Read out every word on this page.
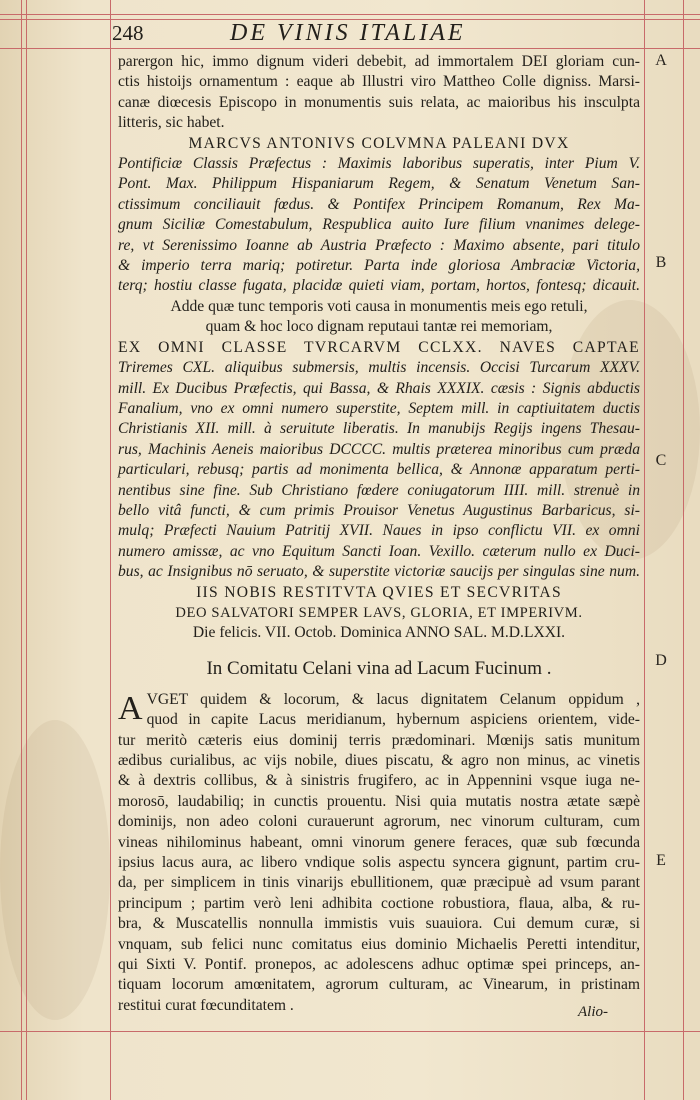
248	DE VINIS ITALIAE
A
B
C
D
E

parergon hic, immo dignum videri debebit, ad immortalem DEI gloriam cun-

ctis histoijs ornamentum : eaque ab Illustri viro Mattheo Colle digniss. Marsi-

canæ diœcesis Episcopo in monumentis suis relata, ac maioribus his insculpta

litteris, sic habet.

MARCVS ANTONIVS COLVMNA PALEANI DVX

Pontificiæ Classis Præfectus : Maximis laboribus superatis, inter Pium V.

Pont. Max. Philippum Hispaniarum Regem, & Senatum Venetum San-

ctissimum conciliauit fœdus. & Pontifex Principem Romanum, Rex Ma-

gnum Siciliæ Comestabulum, Respublica auito Iure filium vnanimes delege-

re, vt Serenissimo Ioanne ab Austria Præfecto : Maximo absente, pari titulo

& imperio terra mariq; potiretur. Parta inde gloriosa Ambraciæ Victoria,

terq; hostiu classe fugata, placidæ quieti viam, portam, hortos, fontesq; dicauit.

Adde quæ tunc temporis voti causa in monumentis meis ego retuli,

quam & hoc loco dignam reputaui tantæ rei memoriam,

EX OMNI CLASSE TVRCARVM CCLXX. NAVES CAPTAE

Triremes CXL. aliquibus submersis, multis incensis. Occisi Turcarum XXXV.

mill. Ex Ducibus Præfectis, qui Bassa, & Rhais XXXIX. cæsis : Signis abductis

Fanalium, vno ex omni numero superstite, Septem mill. in captiuitatem ductis

Christianis XII. mill. à seruitute liberatis. In manubijs Regijs ingens Thesau-

rus, Machinis Aeneis maioribus DCCCC. multis præterea minoribus cum præda

particulari, rebusq; partis ad monimenta bellica, & Annonæ apparatum perti-

nentibus sine fine. Sub Christiano fœdere coniugatorum IIII. mill. strenuè in

bello vitâ functi, & cum primis Prouisor Venetus Augustinus Barbaricus, si-

mulq; Præfecti Nauium Patritij XVII. Naues in ipso conflictu VII. ex omni

numero amissæ, ac vno Equitum Sancti Ioan. Vexillo. cæterum nullo ex Duci-

bus, ac Insignibus nō seruato, & superstite victoriæ saucijs per singulas sine num.

IIS NOBIS RESTITVTA QVIES ET SECVRITAS

DEO SALVATORI SEMPER LAVS, GLORIA, ET IMPERIVM.

Die felicis. VII. Octob. Dominica ANNO SAL. M.D.LXXI.

In Comitatu Celani vina ad Lacum Fucinum .
A VGET quidem & locorum, & lacus dignitatem Celanum oppidum ,

quod in capite Lacus meridianum, hybernum aspiciens orientem, vide-

tur meritò cæteris eius dominij terris prædominari. Mœnijs satis munitum

ædibus curialibus, ac vijs nobile, diues piscatu, & agro non minus, ac vinetis

& à dextris collibus, & à sinistris frugifero, ac in Appennini vsque iuga ne-

morosō, laudabiliq; in cunctis prouentu. Nisi quia mutatis nostra ætate sæpè

dominijs, non adeo coloni curauerunt agrorum, nec vinorum culturam, cum

vineas nihilominus habeant, omni vinorum genere feraces, quæ sub fœcunda

ipsius lacus aura, ac libero vndique solis aspectu syncera gignunt, partim cru-

da, per simplicem in tinis vinarijs ebullitionem, quæ præcipuè ad vsum parant

principum ; partim verò leni adhibita coctione robustiora, flaua, alba, & ru-

bra, & Muscatellis nonnulla immistis vuis suauiora. Cui demum curæ, si

vnquam, sub felici nunc comitatus eius dominio Michaelis Peretti intenditur,

qui Sixti V. Pontif. pronepos, ac adolescens adhuc optimæ spei princeps, an-

tiquam locorum amœnitatem, agrorum culturam, ac Vinearum, in pristinam

restitui curat fœcunditatem .	Alio-
